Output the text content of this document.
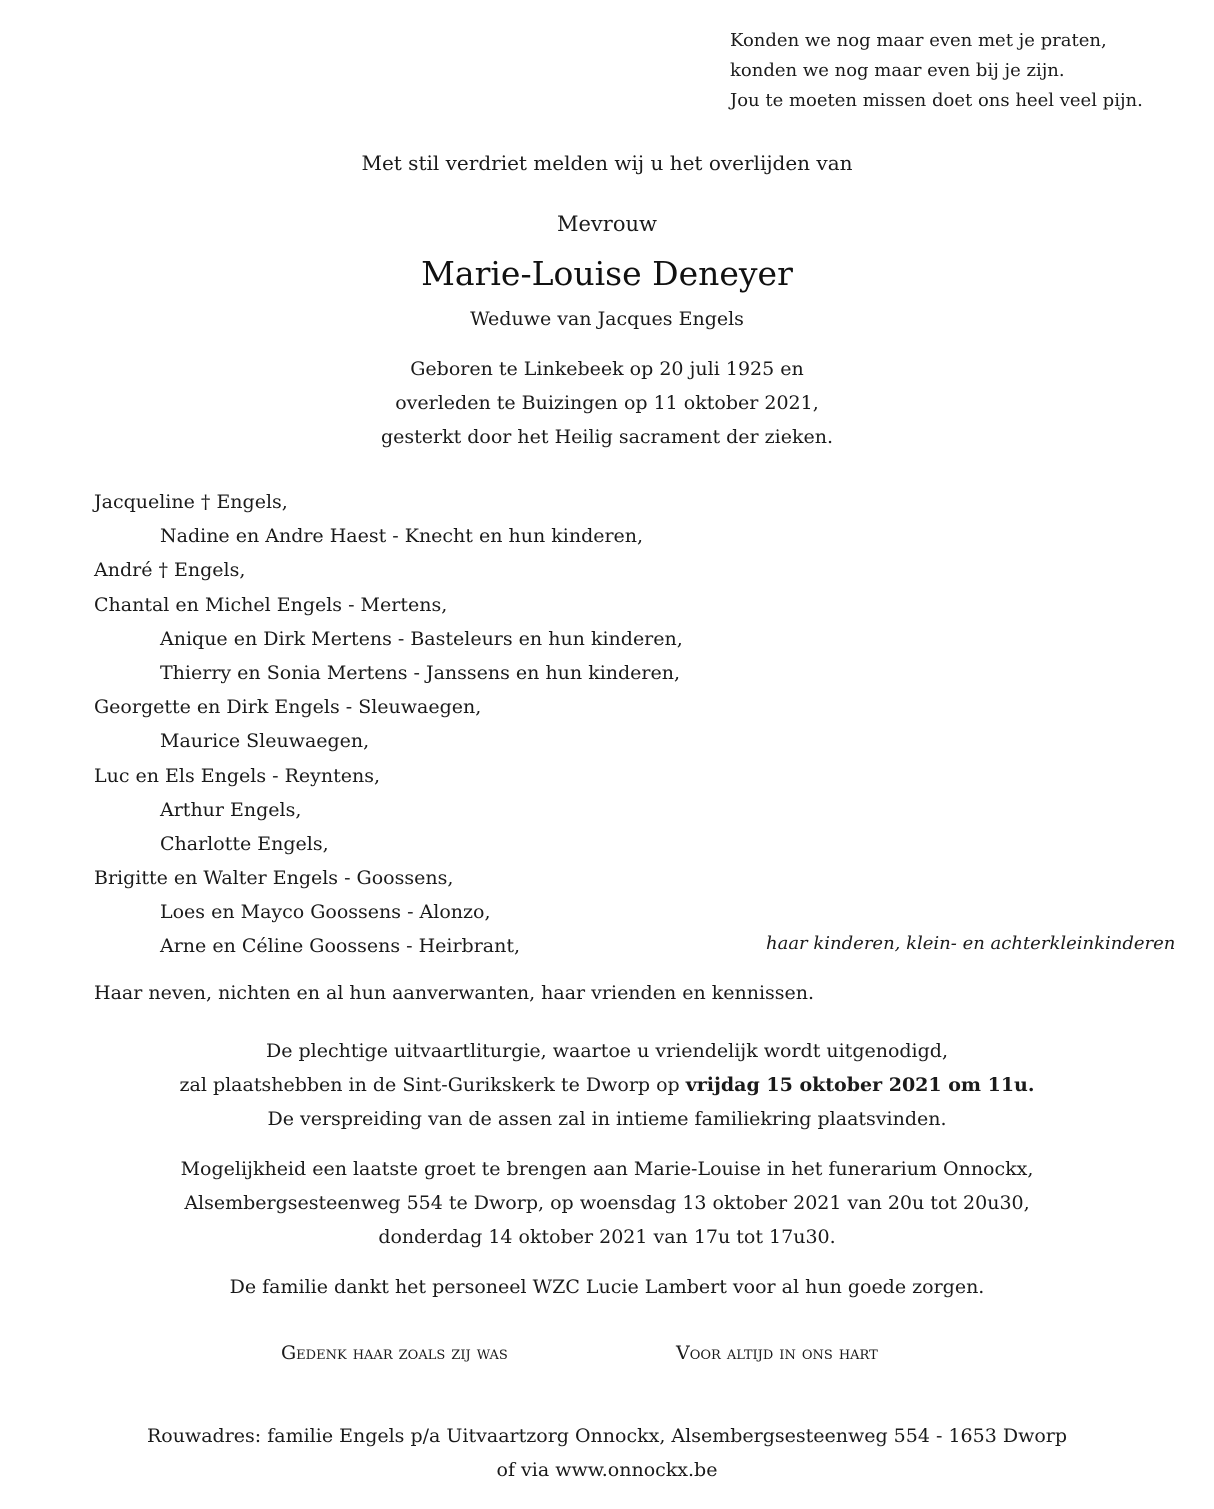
Konden we nog maar even met je praten,
konden we nog maar even bij je zijn.
Jou te moeten missen doet ons heel veel pijn.
Met stil verdriet melden wij u het overlijden van
Mevrouw
Marie-Louise Deneyer
Weduwe van Jacques Engels
Geboren te Linkebeek op 20 juli 1925 en
overleden te Buizingen op 11 oktober 2021,
gesterkt door het Heilig sacrament der zieken.
Jacqueline † Engels,
Nadine en Andre Haest - Knecht en hun kinderen,
André † Engels,
Chantal en Michel Engels - Mertens,
Anique en Dirk Mertens - Basteleurs en hun kinderen,
Thierry en Sonia Mertens - Janssens en hun kinderen,
Georgette en Dirk Engels - Sleuwaegen,
Maurice Sleuwaegen,
Luc en Els Engels - Reyntens,
Arthur Engels,
Charlotte Engels,
Brigitte en Walter Engels - Goossens,
Loes en Mayco Goossens - Alonzo,
Arne en Céline Goossens - Heirbrant,	haar kinderen, klein- en achterkleinkinderen
Haar neven, nichten en al hun aanverwanten, haar vrienden en kennissen.
De plechtige uitvaartliturgie, waartoe u vriendelijk wordt uitgenodigd,
zal plaatshebben in de Sint-Gurikskerk te Dworp op vrijdag 15 oktober 2021 om 11u.
De verspreiding van de assen zal in intieme familiekring plaatsvinden.
Mogelijkheid een laatste groet te brengen aan Marie-Louise in het funerarium Onnockx,
Alsembergsesteenweg 554 te Dworp, op woensdag 13 oktober 2021 van 20u tot 20u30,
donderdag 14 oktober 2021 van 17u tot 17u30.
De familie dankt het personeel WZC Lucie Lambert voor al hun goede zorgen.
Gedenk haar zoals zij was	Voor altijd in ons hart
Rouwadres: familie Engels p/a Uitvaartzorg Onnockx, Alsembergsesteenweg 554 - 1653 Dworp
of via www.onnockx.be
